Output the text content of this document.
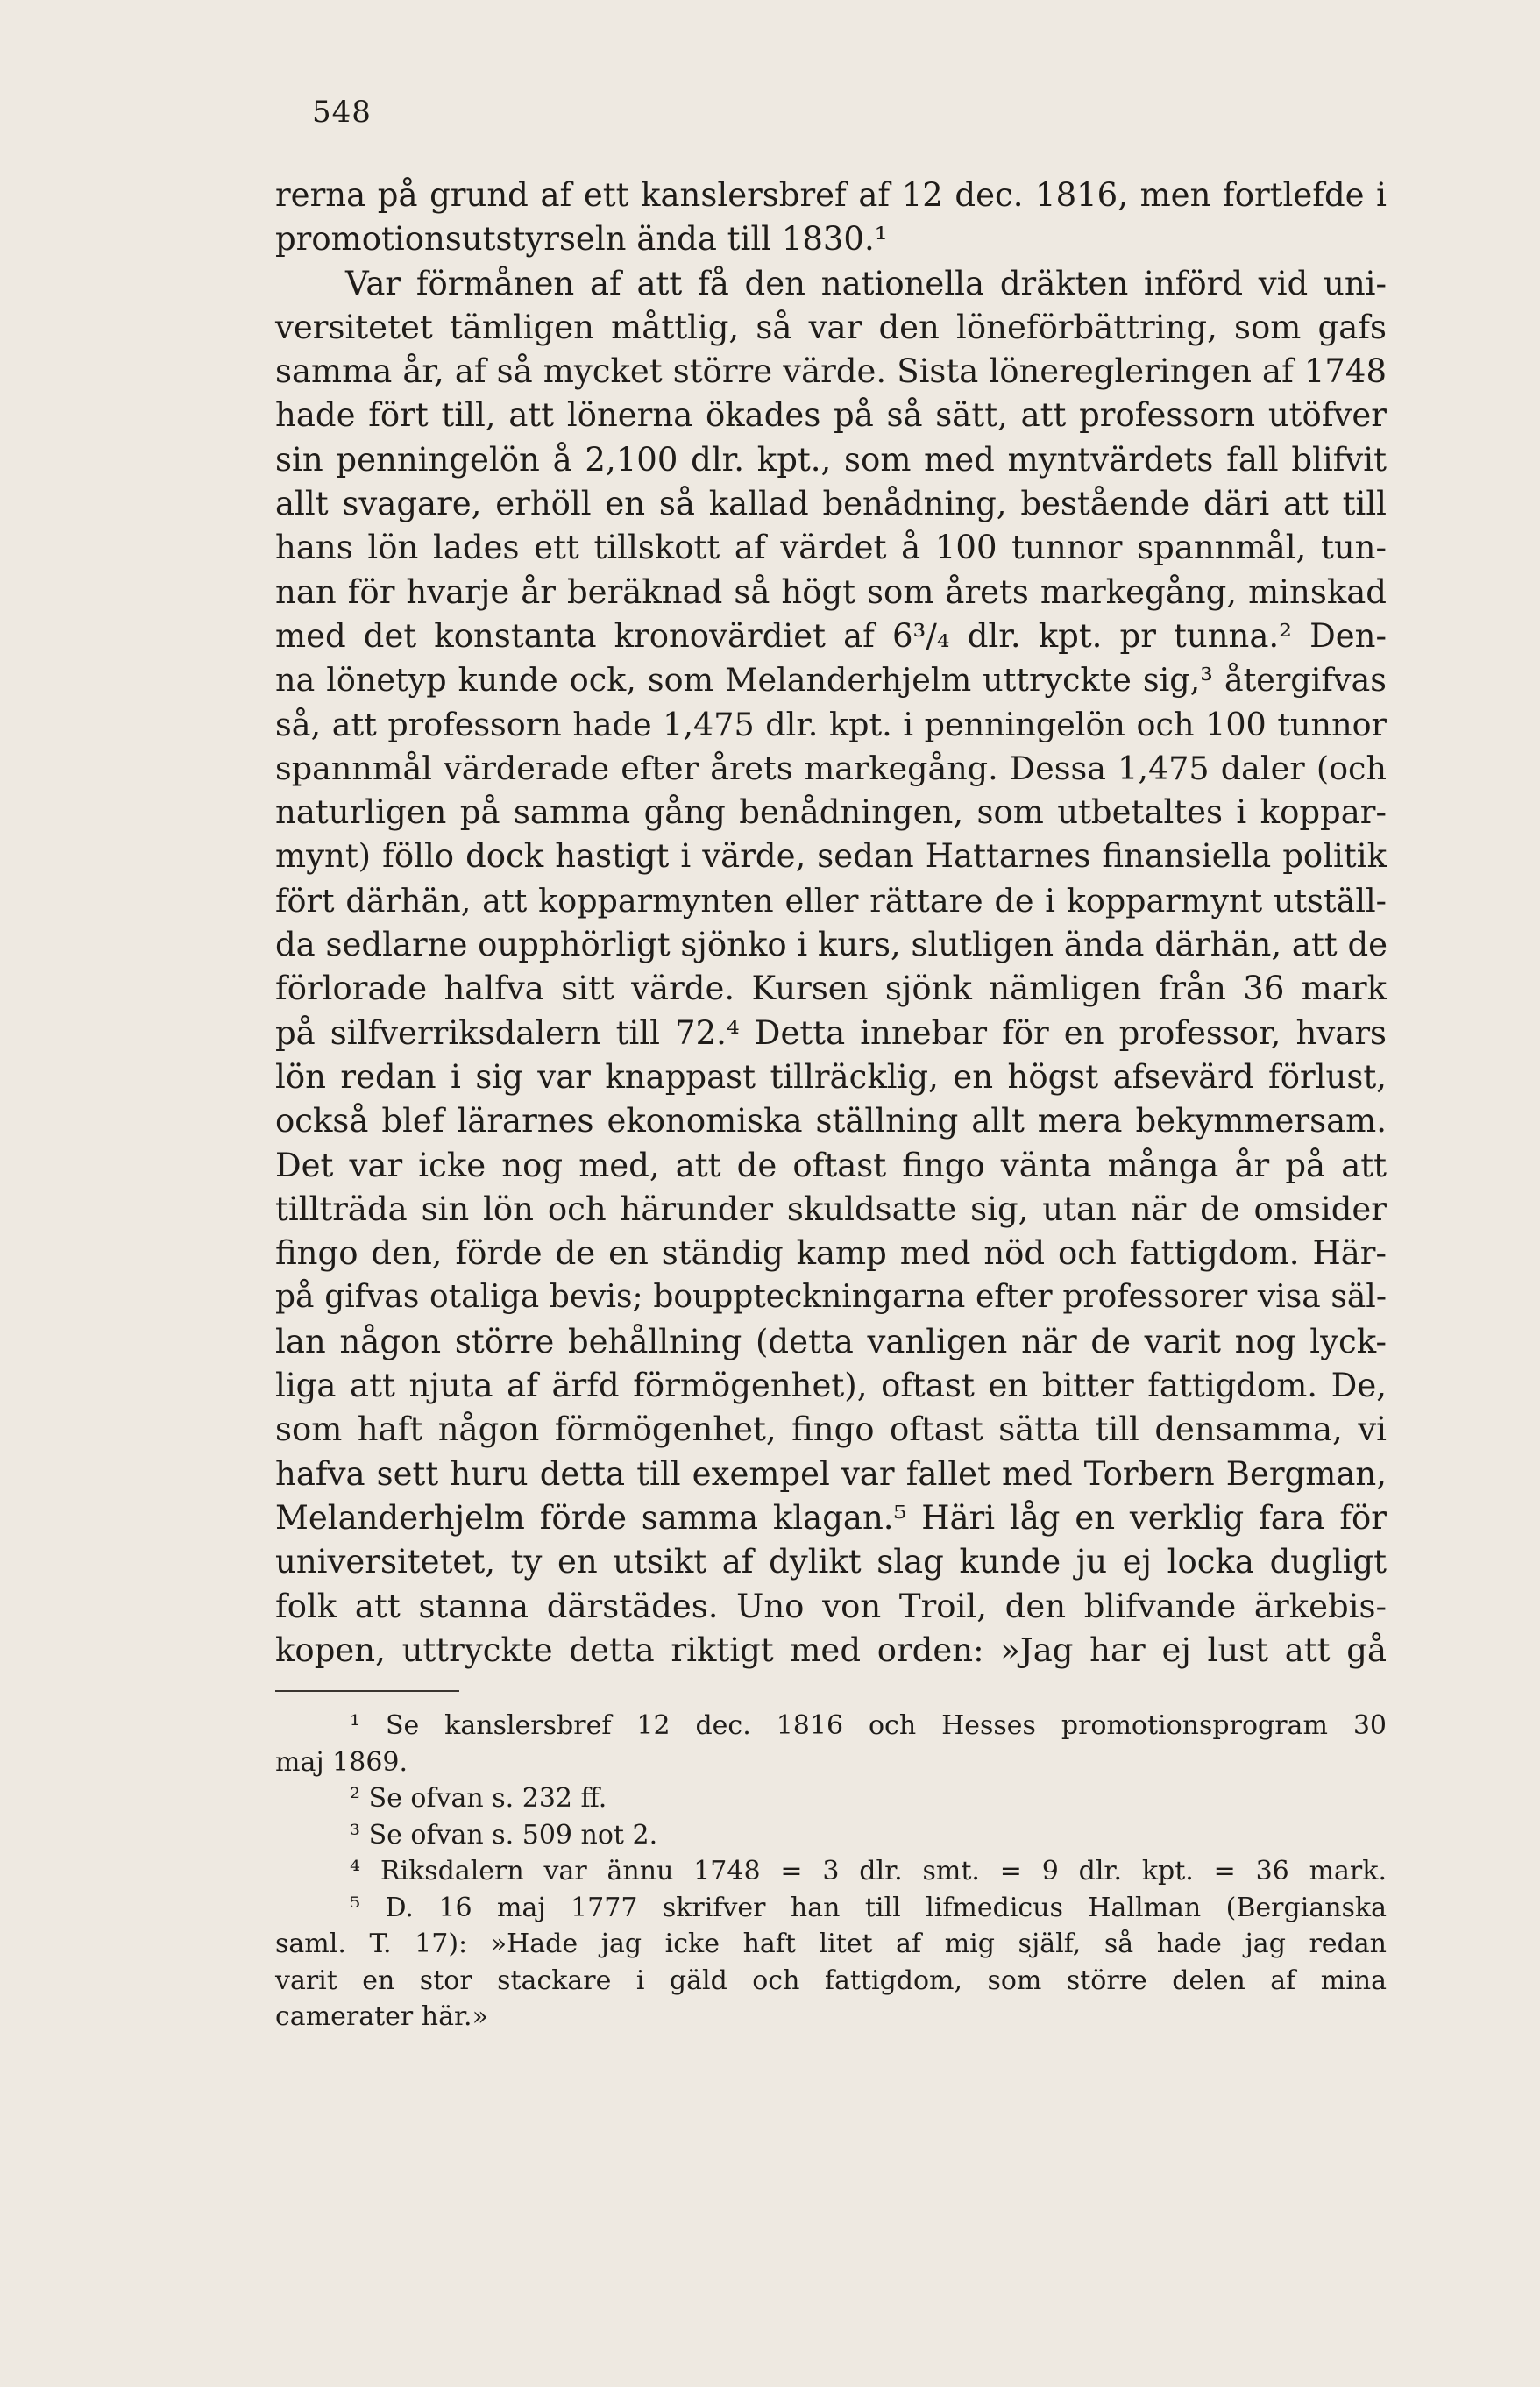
548
rerna på grund af ett kanslersbref af 12 dec. 1816, men fortlefde i
promotionsutstyrseln ända till 1830.¹
Var förmånen af att få den nationella dräkten införd vid uni-
versitetet tämligen måttlig, så var den löneförbättring, som gafs
samma år, af så mycket större värde. Sista löneregleringen af 1748
hade fört till, att lönerna ökades på så sätt, att professorn utöfver
sin penningelön å 2,100 dlr. kpt., som med myntvärdets fall blifvit
allt svagare, erhöll en så kallad benådning, bestående däri att till
hans lön lades ett tillskott af värdet å 100 tunnor spannmål, tun-
nan för hvarje år beräknad så högt som årets markegång, minskad
med det konstanta kronovärdiet af 6³/₄ dlr. kpt. pr tunna.² Den-
na lönetyp kunde ock, som Melanderhjelm uttryckte sig,³ återgifvas
så, att professorn hade 1,475 dlr. kpt. i penningelön och 100 tunnor
spannmål värderade efter årets markegång. Dessa 1,475 daler (och
naturligen på samma gång benådningen, som utbetaltes i koppar-
mynt) föllo dock hastigt i värde, sedan Hattarnes finansiella politik
fört därhän, att kopparmynten eller rättare de i kopparmynt utställ-
da sedlarne oupphörligt sjönko i kurs, slutligen ända därhän, att de
förlorade halfva sitt värde. Kursen sjönk nämligen från 36 mark
på silfverriksdalern till 72.⁴ Detta innebar för en professor, hvars
lön redan i sig var knappast tillräcklig, en högst afsevärd förlust,
också blef lärarnes ekonomiska ställning allt mera bekymmersam.
Det var icke nog med, att de oftast fingo vänta många år på att
tillträda sin lön och härunder skuldsatte sig, utan när de omsider
fingo den, förde de en ständig kamp med nöd och fattigdom. Här-
på gifvas otaliga bevis; bouppteckningarna efter professorer visa säl-
lan någon större behållning (detta vanligen när de varit nog lyck-
liga att njuta af ärfd förmögenhet), oftast en bitter fattigdom. De,
som haft någon förmögenhet, fingo oftast sätta till densamma, vi
hafva sett huru detta till exempel var fallet med Torbern Bergman,
Melanderhjelm förde samma klagan.⁵ Häri låg en verklig fara för
universitetet, ty en utsikt af dylikt slag kunde ju ej locka dugligt
folk att stanna därstädes. Uno von Troil, den blifvande ärkebis-
kopen, uttryckte detta riktigt med orden: »Jag har ej lust att gå
¹ Se kanslersbref 12 dec. 1816 och Hesses promotionsprogram 30
maj 1869.
² Se ofvan s. 232 ff.
³ Se ofvan s. 509 not 2.
⁴ Riksdalern var ännu 1748 = 3 dlr. smt. = 9 dlr. kpt. = 36 mark.
⁵ D. 16 maj 1777 skrifver han till lifmedicus Hallman (Bergianska
saml. T. 17): »Hade jag icke haft litet af mig själf, så hade jag redan
varit en stor stackare i gäld och fattigdom, som större delen af mina
camerater här.»
